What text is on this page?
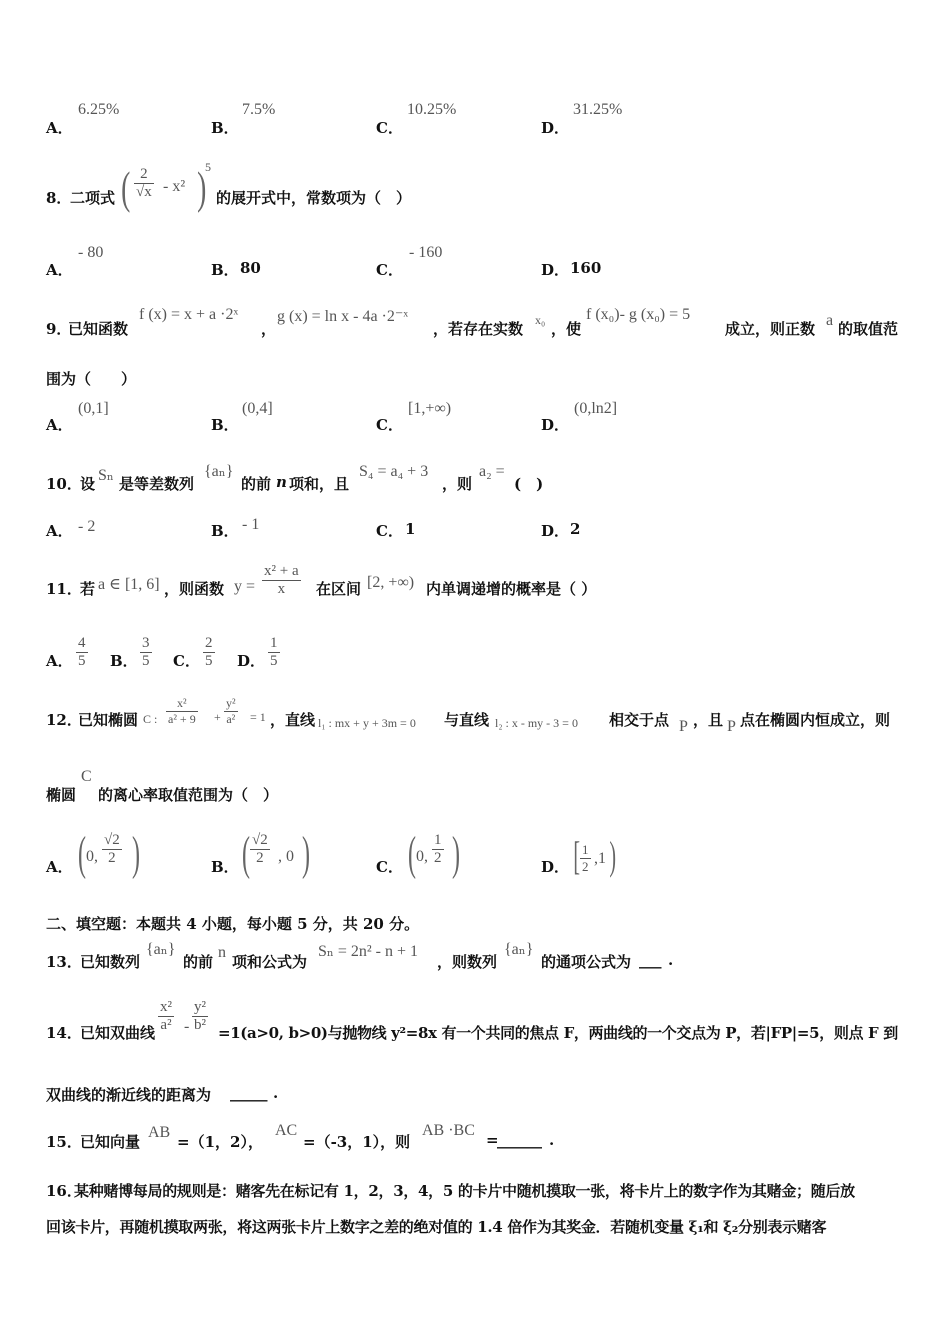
A．
6.25%
B．
7.5%
C．
10.25%
D．
31.25%
8．
二项式 ( $\frac{2}{√x} - x^2$ )
5
的展开式中，常数项为（　）
A．
- 80
B． 80	C．
- 160
D． 160
9．
已知函数
f (x) = x + a ·2ˣ
，
g (x) = ln x - 4a ·2⁻ˣ
，若存在实数 x₀ ，使
f (x₀)- g (x₀) = 5
成立，则正数 a 的取值范
围为（　　）
A．
(0,1]
B．
(0,4]
C．
[1,+∞)
D．
(0,ln2]
10．
设 Sₙ 是等差数列
{aₙ}
的前 n 项和，且
S₄ = a₄ + 3
，则
a₂ =
(　)
A． - 2	B． - 1	C． 1	D． 2
11．
若 a ∈ [1, 6] ，则函数 $y = \frac{\text{x² + a}}{x}$ 在区间 [2, +∞) 内单调递增的概率是（ ）
A． $\frac{4}{5}$ B． $\frac{3}{5}$ C． $\frac{2}{5}$ D． $\frac{1}{5}$
12．
已知椭圆 C : $\frac{\text{x²}}{\text{a² + 9}} + \frac{\text{y²}}{\text{a²}} = 1$ ，直线 l₁ : mx + y + 3m = 0 与直线 l₂ : x - my - 3 = 0 相交于点 P ，且 P 点在椭圆内恒成立，则
椭圆
C
的离心率取值范围为（　）
A． ( 0, $\frac{√2}{2}$ )	B． ( $\frac{√2}{2}$ , 0 )	C． ( 0, $\frac{1}{2}$ )	D． [ $\frac{1}{2} ,1$ )
二、填空题：本题共 4 小题，每小题 5 分，共 20 分。
13．
已知数列
{aₙ}
的前
n
项和公式为
Sₙ = 2n² - n + 1
，则数列
{aₙ}
的通项公式为 ___ .
14．
已知双曲线 $\frac{\text{x²}}{\text{a²}} - \frac{\text{y²}}{\text{b²}} =1(a>0$, b>0)与抛物线 y²=8x 有一个共同的焦点 F，两曲线的一个交点为 P，若|FP|=5，则点 F 到
双曲线的渐近线的距离为 _____ .
15．
已知向量
AB
=（1，2），
AC
=（-3，1），则
AB ·BC
=
______ .
16．
某种赌博每局的规则是：赌客先在标记有 1，2，3，4，5 的卡片中随机摸取一张，将卡片上的数字作为其赌金；随后放
回该卡片，再随机摸取两张，将这两张卡片上数字之差的绝对值的 1.4 倍作为其奖金．若随机变量 ξ₁和 ξ₂分别表示赌客
